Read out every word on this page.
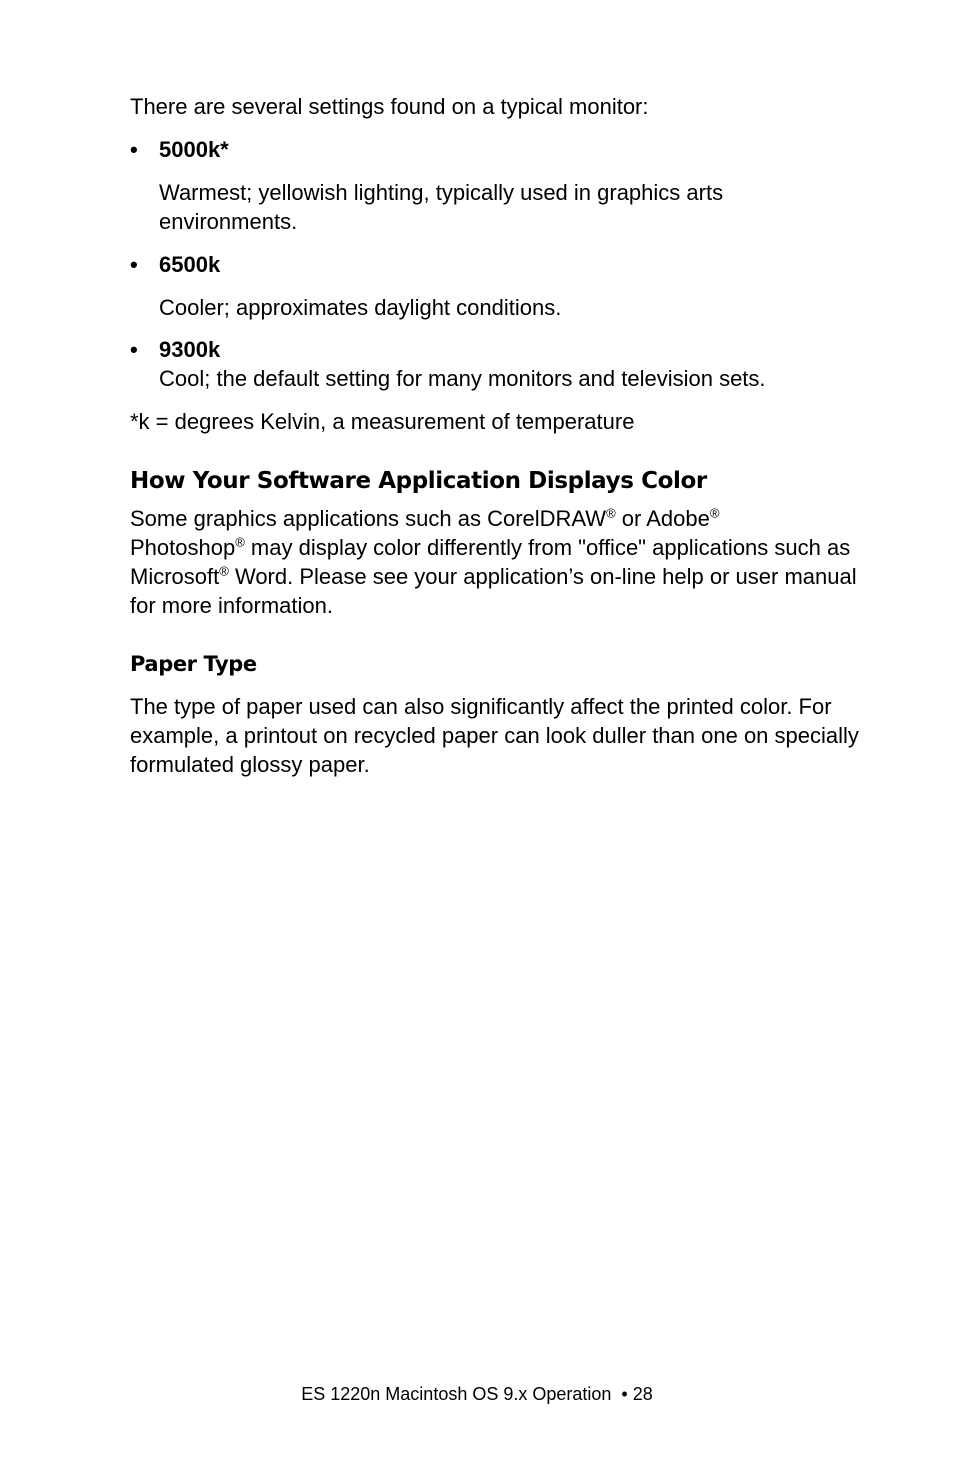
There are several settings found on a typical monitor:

• 5000k*
Warmest; yellowish lighting, typically used in graphics arts environments.
• 6500k
Cooler; approximates daylight conditions.
• 9300k
Cool; the default setting for many monitors and television sets.

*k = degrees Kelvin, a measurement of temperature

How Your Software Application Displays Color

Some graphics applications such as CorelDRAW® or Adobe®
Photoshop® may display color differently from "office" applications such as Microsoft® Word. Please see your application’s on-line help or user manual for more information.

Paper Type

The type of paper used can also significantly affect the printed color. For example, a printout on recycled paper can look duller than one on specially formulated glossy paper.

ES 1220n Macintosh OS 9.x Operation  • 28
